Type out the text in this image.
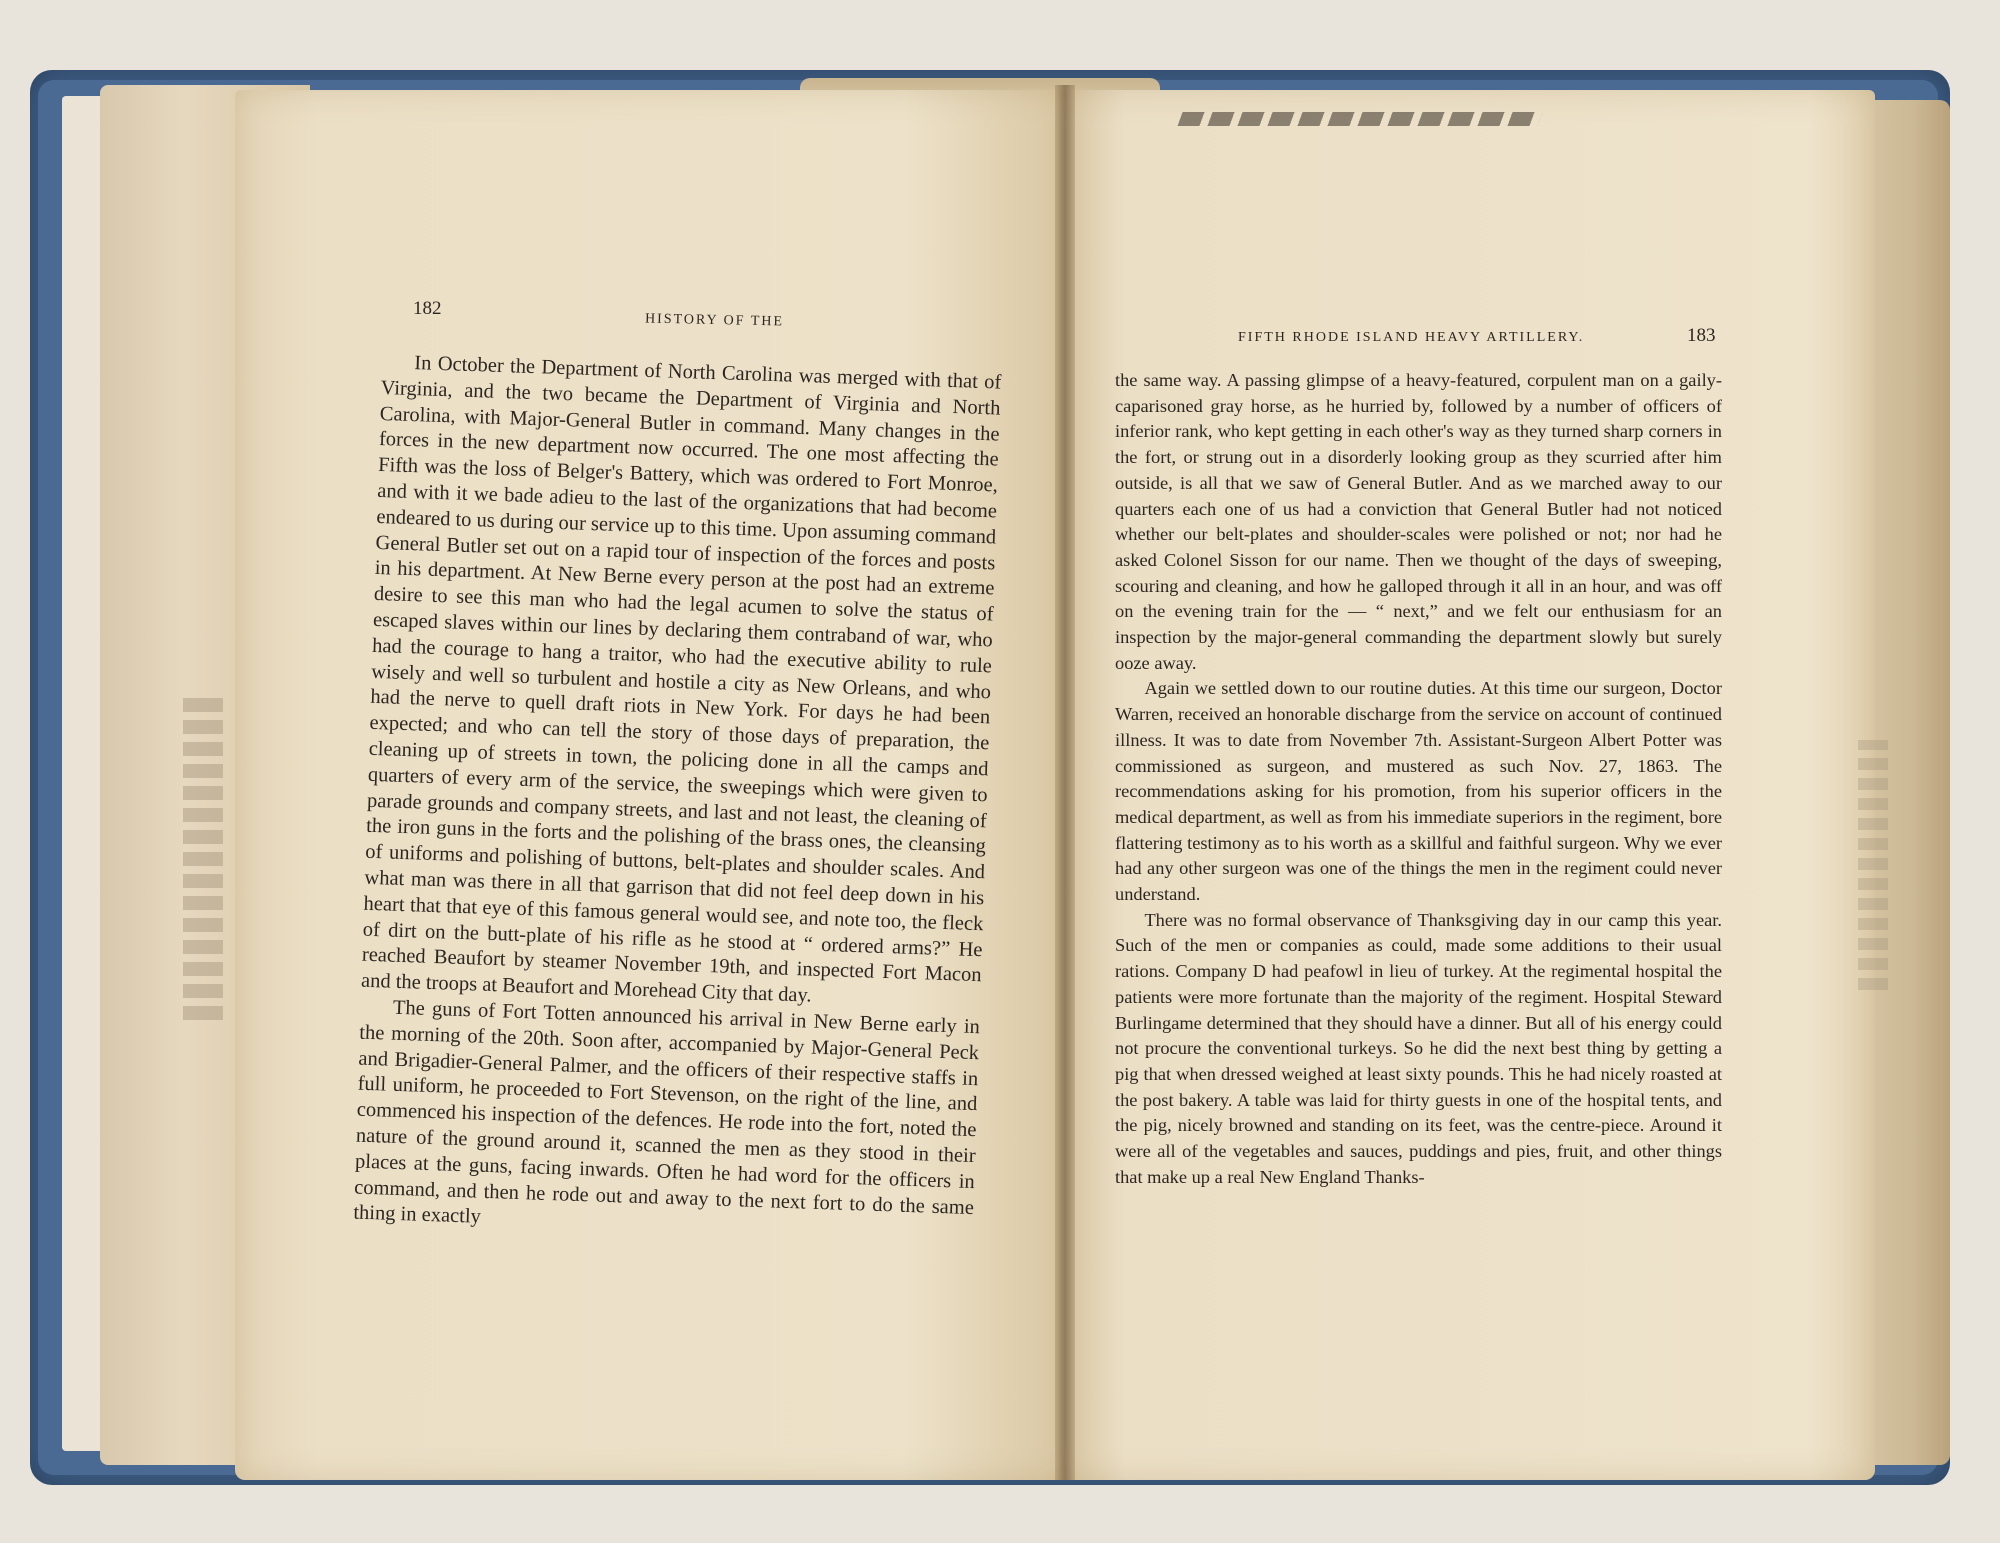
182
HISTORY OF THE

In October the Department of North Carolina was merged with that of Virginia, and the two became the Department of Virginia and North Carolina, with Major-General Butler in command. Many changes in the forces in the new department now occurred. The one most affecting the Fifth was the loss of Belger's Battery, which was ordered to Fort Monroe, and with it we bade adieu to the last of the organizations that had become endeared to us during our service up to this time. Upon assuming command General Butler set out on a rapid tour of inspection of the forces and posts in his department. At New Berne every person at the post had an extreme desire to see this man who had the legal acumen to solve the status of escaped slaves within our lines by declaring them contraband of war, who had the courage to hang a traitor, who had the executive ability to rule wisely and well so turbulent and hostile a city as New Orleans, and who had the nerve to quell draft riots in New York. For days he had been expected; and who can tell the story of those days of preparation, the cleaning up of streets in town, the policing done in all the camps and quarters of every arm of the service, the sweepings which were given to parade grounds and company streets, and last and not least, the cleaning of the iron guns in the forts and the polishing of the brass ones, the cleansing of uniforms and polishing of buttons, belt-plates and shoulder scales. And what man was there in all that garrison that did not feel deep down in his heart that that eye of this famous general would see, and note too, the fleck of dirt on the butt-plate of his rifle as he stood at “ ordered arms?” He reached Beaufort by steamer November 19th, and inspected Fort Macon and the troops at Beaufort and Morehead City that day.

The guns of Fort Totten announced his arrival in New Berne early in the morning of the 20th. Soon after, accompanied by Major-General Peck and Brigadier-General Palmer, and the officers of their respective staffs in full uniform, he proceeded to Fort Stevenson, on the right of the line, and commenced his inspection of the defences. He rode into the fort, noted the nature of the ground around it, scanned the men as they stood in their places at the guns, facing inwards. Often he had word for the officers in command, and then he rode out and away to the next fort to do the same thing in exactly

FIFTH RHODE ISLAND HEAVY ARTILLERY.	183

the same way. A passing glimpse of a heavy-featured, corpulent man on a gaily-caparisoned gray horse, as he hurried by, followed by a number of officers of inferior rank, who kept getting in each other's way as they turned sharp corners in the fort, or strung out in a disorderly looking group as they scurried after him outside, is all that we saw of General Butler. And as we marched away to our quarters each one of us had a conviction that General Butler had not noticed whether our belt-plates and shoulder-scales were polished or not; nor had he asked Colonel Sisson for our name. Then we thought of the days of sweeping, scouring and cleaning, and how he galloped through it all in an hour, and was off on the evening train for the — “ next,” and we felt our enthusiasm for an inspection by the major-general commanding the department slowly but surely ooze away.

Again we settled down to our routine duties. At this time our surgeon, Doctor Warren, received an honorable discharge from the service on account of continued illness. It was to date from November 7th. Assistant-Surgeon Albert Potter was commissioned as surgeon, and mustered as such Nov. 27, 1863. The recommendations asking for his promotion, from his superior officers in the medical department, as well as from his immediate superiors in the regiment, bore flattering testimony as to his worth as a skillful and faithful surgeon. Why we ever had any other surgeon was one of the things the men in the regiment could never understand.

There was no formal observance of Thanksgiving day in our camp this year. Such of the men or companies as could, made some additions to their usual rations. Company D had peafowl in lieu of turkey. At the regimental hospital the patients were more fortunate than the majority of the regiment. Hospital Steward Burlingame determined that they should have a dinner. But all of his energy could not procure the conventional turkeys. So he did the next best thing by getting a pig that when dressed weighed at least sixty pounds. This he had nicely roasted at the post bakery. A table was laid for thirty guests in one of the hospital tents, and the pig, nicely browned and standing on its feet, was the centre-piece. Around it were all of the vegetables and sauces, puddings and pies, fruit, and other things that make up a real New England Thanks-
